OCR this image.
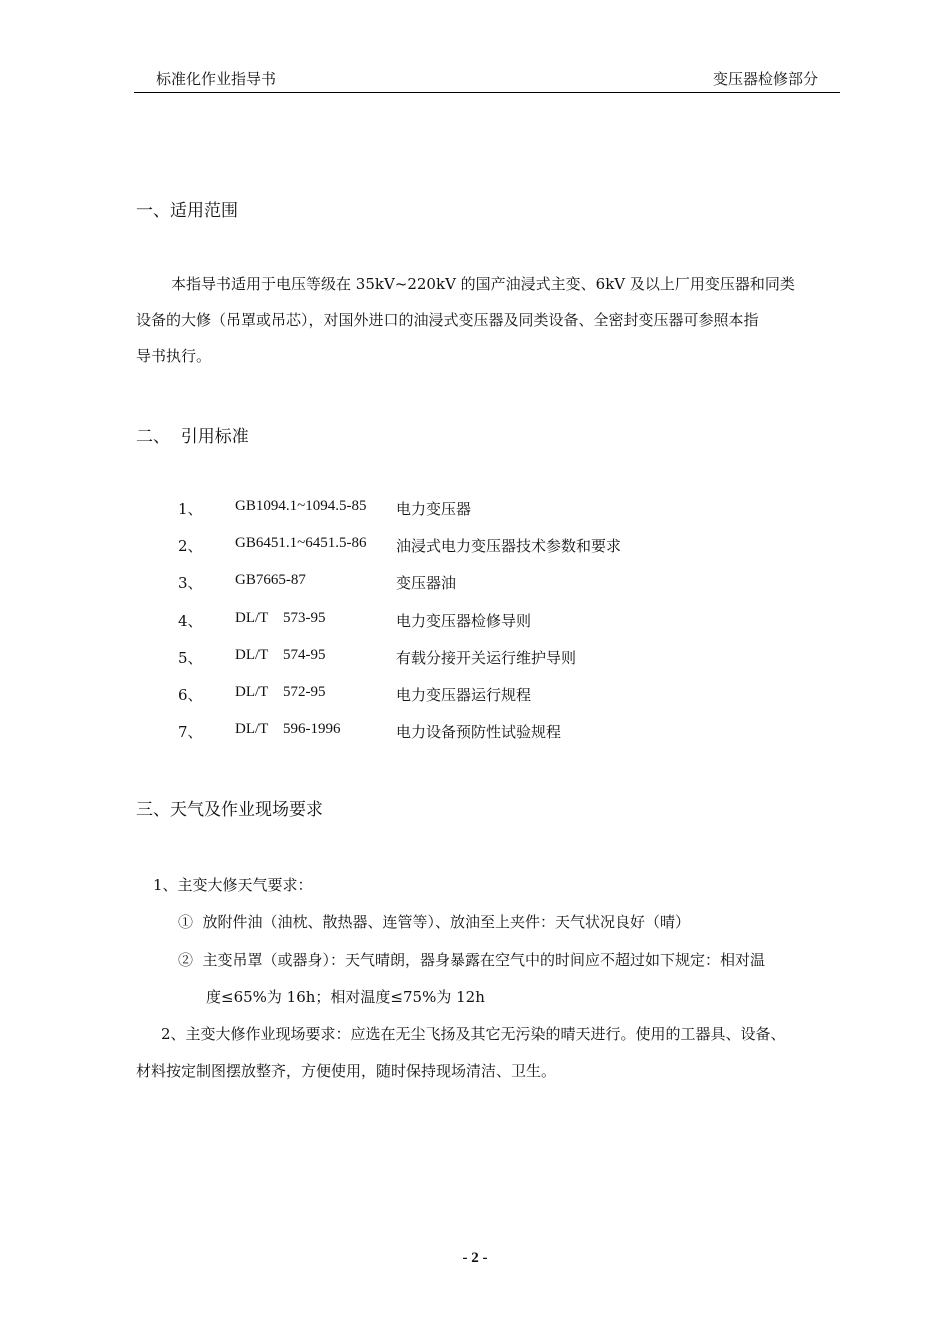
标准化作业指导书	变压器检修部分
一、适用范围
本指导书适用于电压等级在 35kV~220kV 的国产油浸式主变、6kV 及以上厂用变压器和同类
设备的大修（吊罩或吊芯），对国外进口的油浸式变压器及同类设备、全密封变压器可参照本指
导书执行。
二、  引用标准
1、 GB1094.1~1094.5-85 电力变压器
2、 GB6451.1~6451.5-86 油浸式电力变压器技术参数和要求
3、 GB7665-87	变压器油
4、 DL/T    573-95	电力变压器检修导则
5、 DL/T    574-95	有载分接开关运行维护导则
6、 DL/T    572-95	电力变压器运行规程
7、 DL/T    596-1996	电力设备预防性试验规程
三、天气及作业现场要求
1、主变大修天气要求：
①  放附件油（油枕、散热器、连管等）、放油至上夹件：天气状况良好（晴）
②  主变吊罩（或器身）：天气晴朗，器身暴露在空气中的时间应不超过如下规定：相对温
度≤65%为 16h；相对温度≤75%为 12h
2、主变大修作业现场要求：应选在无尘飞扬及其它无污染的晴天进行。使用的工器具、设备、
材料按定制图摆放整齐，方便使用，随时保持现场清洁、卫生。
- 2 -
